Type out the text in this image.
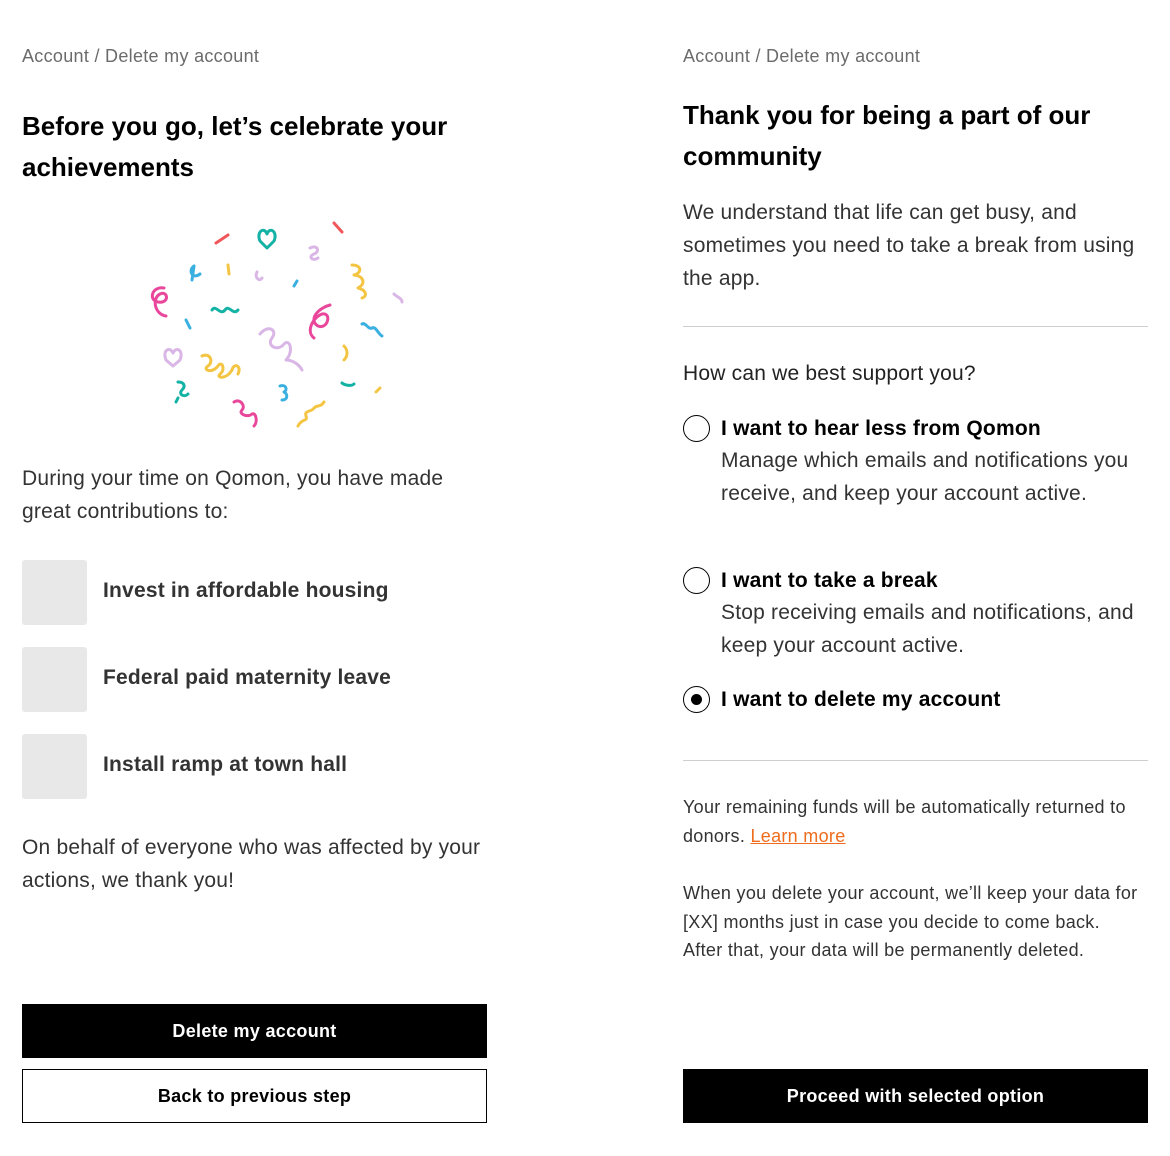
Account / Delete my account
Before you go, let’s celebrate your achievements

During your time on Qomon, you have made great contributions to:

Invest in affordable housing
Federal paid maternity leave
Install ramp at town hall

On behalf of everyone who was affected by your actions, we thank you!

Delete my account
Back to previous step
Account / Delete my account
Thank you for being a part of our community

We understand that life can get busy, and sometimes you need to take a break from using the app.

How can we best support you?
I want to hear less from Qomon

Manage which emails and notifications you receive, and keep your account active.

I want to take a break

Stop receiving emails and notifications, and keep your account active.

I want to delete my account

Your remaining funds will be automatically returned to donors. Learn more

When you delete your account, we’ll keep your data for [XX] months just in case you decide to come back. After that, your data will be permanently deleted.

Proceed with selected option
